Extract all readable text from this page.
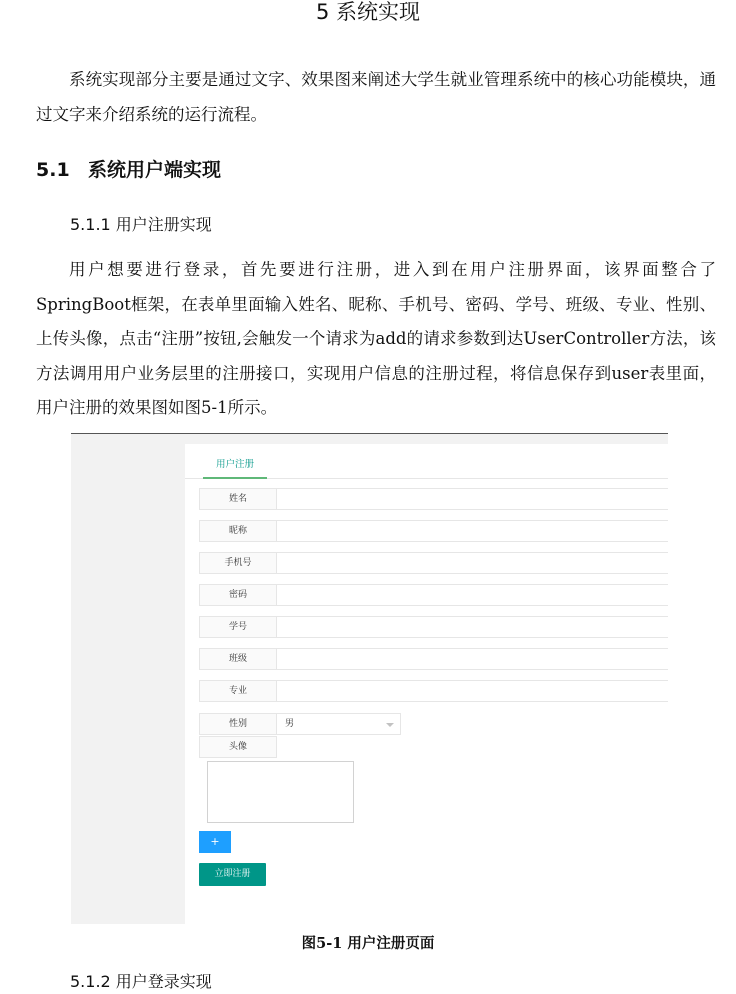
5 系统实现

系统实现部分主要是通过文字、效果图来阐述大学生就业管理系统中的核心功能模块，通过文字来介绍系统的运行流程。

5.1 系统用户端实现
5.1.1 用户注册实现

用户想要进行登录，首先要进行注册，进入到在用户注册界面，该界面整合了SpringBoot框架，在表单里面输入姓名、昵称、手机号、密码、学号、班级、专业、性别、上传头像，点击“注册”按钮,会触发一个请求为add的请求参数到达UserController方法，该方法调用用户业务层里的注册接口，实现用户信息的注册过程，将信息保存到user表里面，用户注册的效果图如图5-1所示。

用户注册
姓名
昵称
手机号
密码
学号
班级
专业
性别	男
头像
+
立即注册
图5-1 用户注册页面
5.1.2 用户登录实现
